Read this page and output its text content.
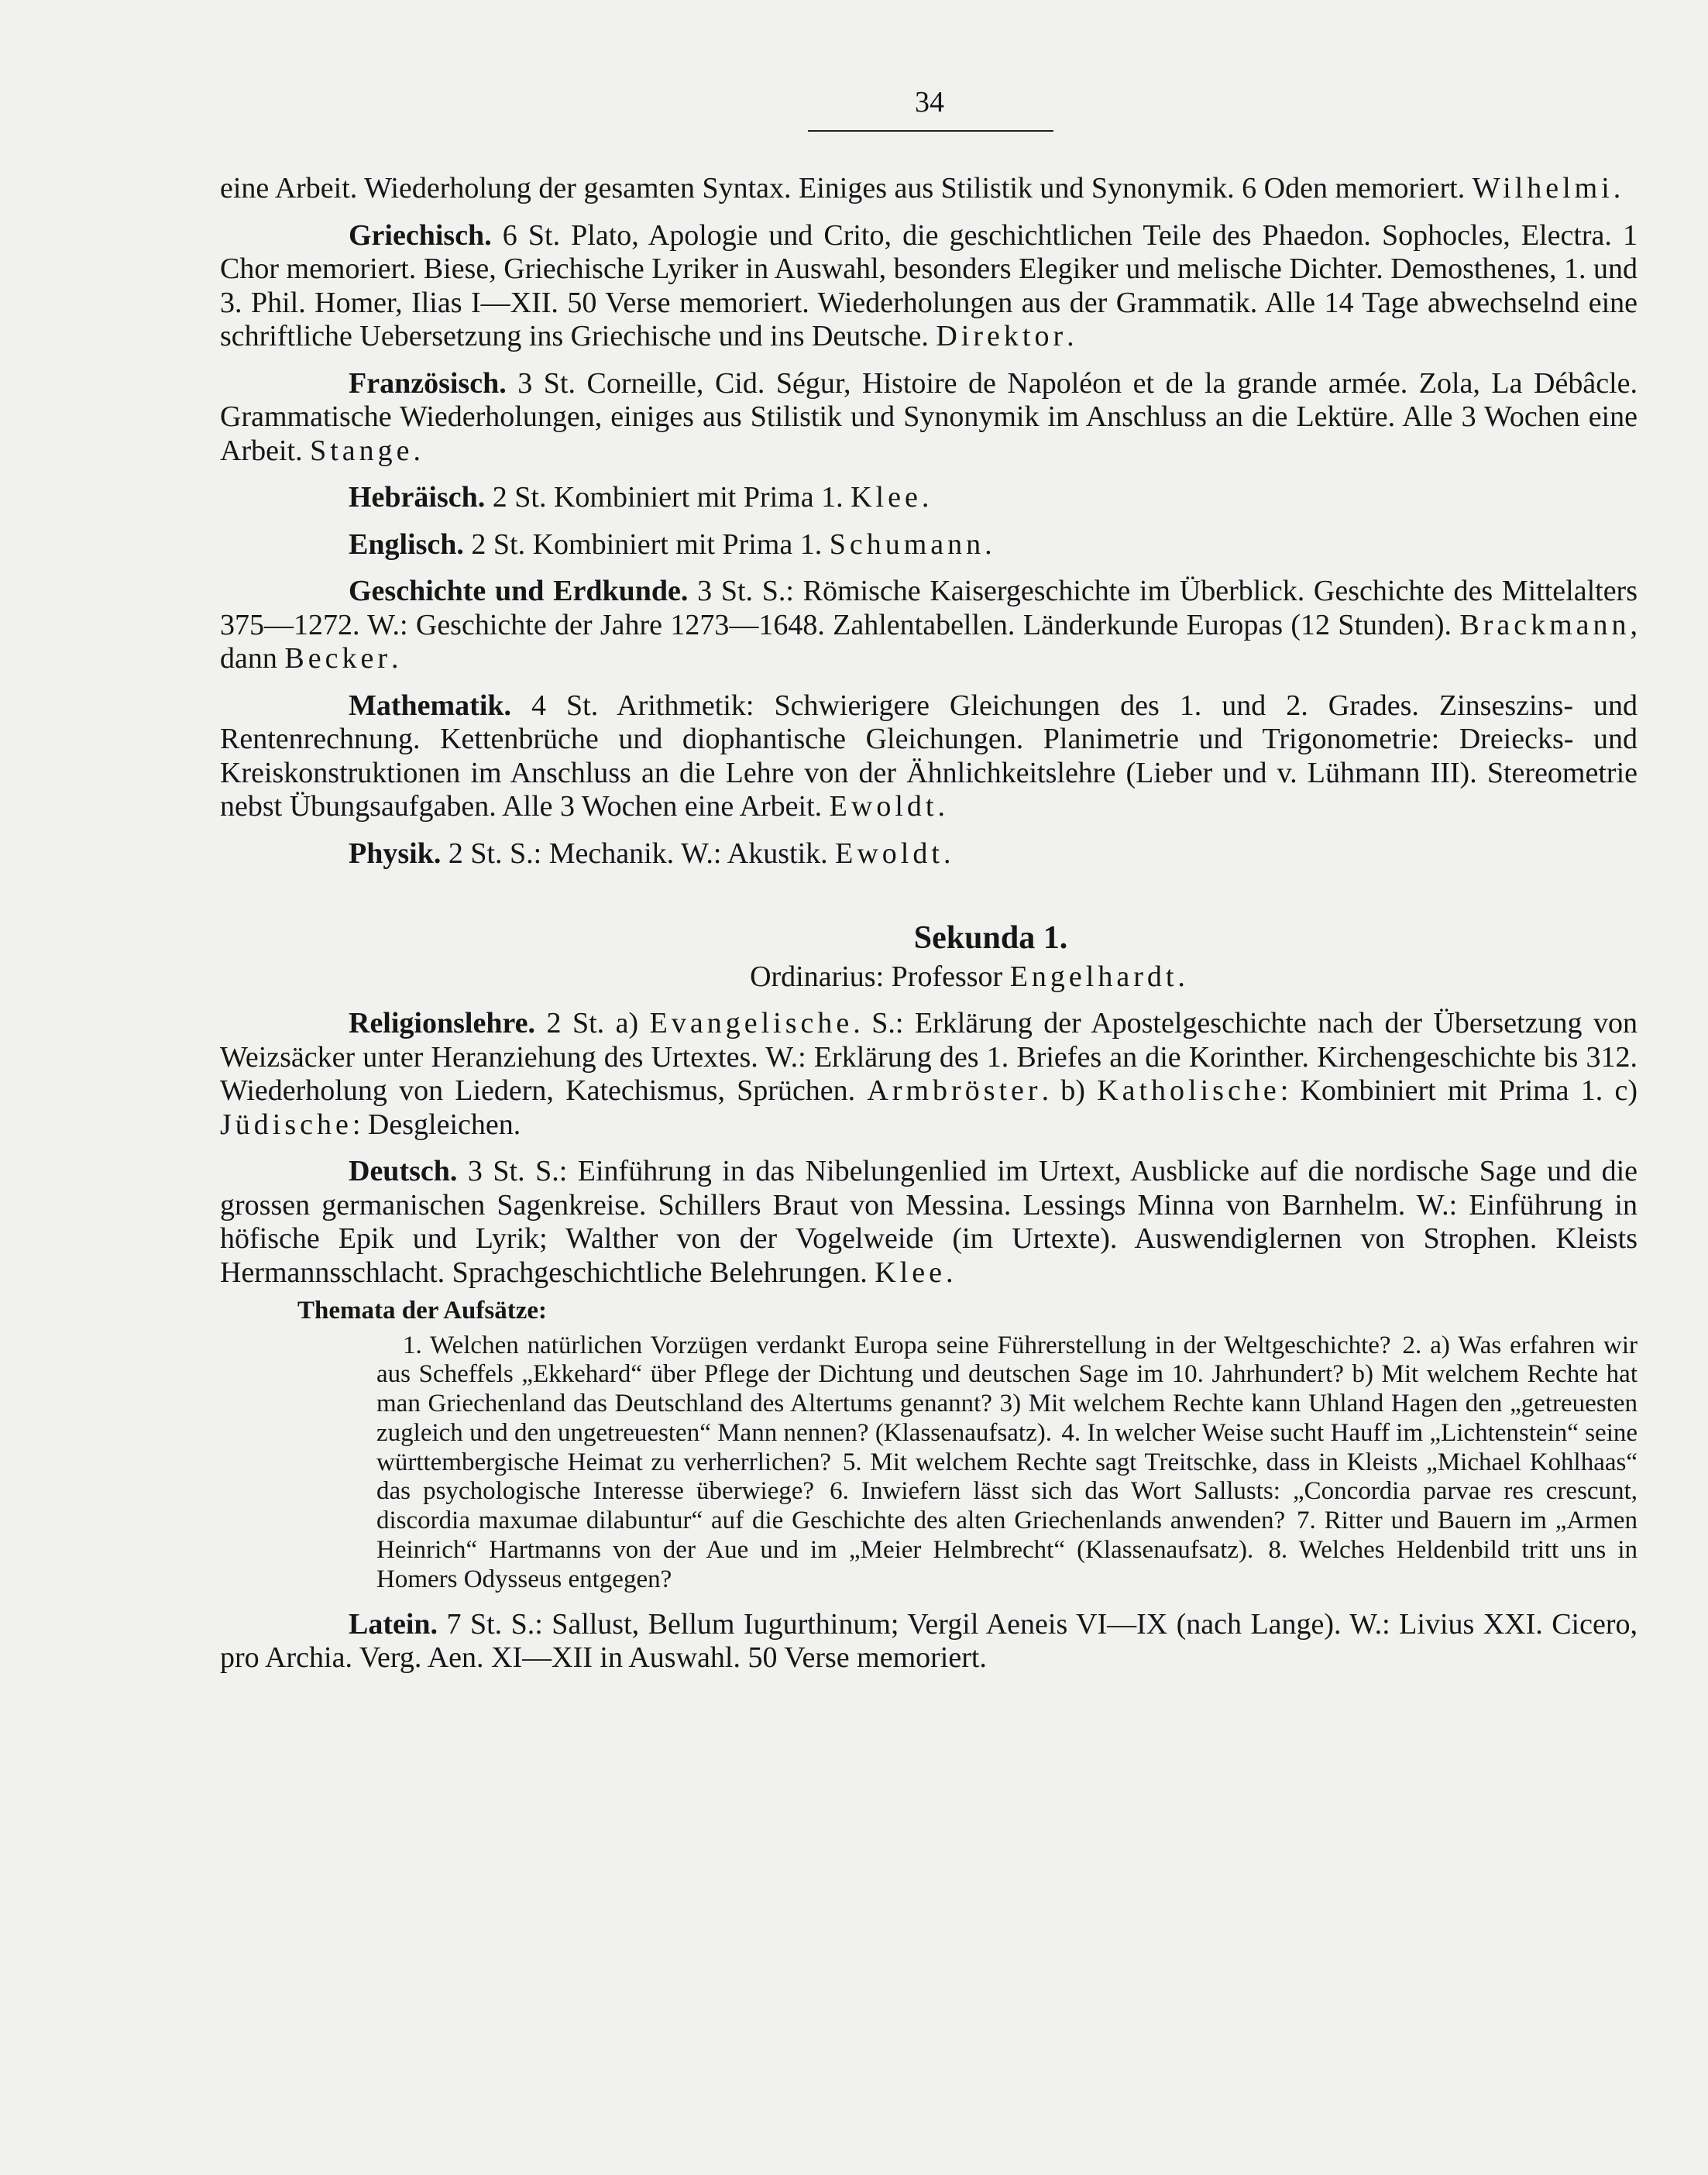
34

eine Arbeit. Wiederholung der gesamten Syntax. Einiges aus Stilistik und Synonymik. 6 Oden memoriert. Wilhelmi.

Griechisch. 6 St. Plato, Apologie und Crito, die geschichtlichen Teile des Phaedon. Sophocles, Electra. 1 Chor memoriert. Biese, Griechische Lyriker in Auswahl, besonders Elegiker und melische Dichter. Demosthenes, 1. und 3. Phil. Homer, Ilias I—XII. 50 Verse memoriert. Wiederholungen aus der Grammatik. Alle 14 Tage abwechselnd eine schriftliche Uebersetzung ins Griechische und ins Deutsche. Direktor.

Französisch. 3 St. Corneille, Cid. Ségur, Histoire de Napoléon et de la grande armée. Zola, La Débâcle. Grammatische Wiederholungen, einiges aus Stilistik und Synonymik im Anschluss an die Lektüre. Alle 3 Wochen eine Arbeit. Stange.

Hebräisch. 2 St. Kombiniert mit Prima 1. Klee.

Englisch. 2 St. Kombiniert mit Prima 1. Schumann.

Geschichte und Erdkunde. 3 St. S.: Römische Kaisergeschichte im Überblick. Geschichte des Mittelalters 375—1272. W.: Geschichte der Jahre 1273—1648. Zahlentabellen. Länderkunde Europas (12 Stunden). Brackmann, dann Becker.

Mathematik. 4 St. Arithmetik: Schwierigere Gleichungen des 1. und 2. Grades. Zinseszins- und Rentenrechnung. Kettenbrüche und diophantische Gleichungen. Planimetrie und Trigonometrie: Dreiecks- und Kreiskonstruktionen im Anschluss an die Lehre von der Ähnlichkeitslehre (Lieber und v. Lühmann III). Stereometrie nebst Übungsaufgaben. Alle 3 Wochen eine Arbeit. Ewoldt.

Physik. 2 St. S.: Mechanik. W.: Akustik. Ewoldt.

Sekunda 1.

Ordinarius: Professor Engelhardt.

Religionslehre. 2 St. a) Evangelische. S.: Erklärung der Apostelgeschichte nach der Übersetzung von Weizsäcker unter Heranziehung des Urtextes. W.: Erklärung des 1. Briefes an die Korinther. Kirchengeschichte bis 312. Wiederholung von Liedern, Katechismus, Sprüchen. Armbröster. b) Katholische: Kombiniert mit Prima 1. c) Jüdische: Desgleichen.

Deutsch. 3 St. S.: Einführung in das Nibelungenlied im Urtext, Ausblicke auf die nordische Sage und die grossen germanischen Sagenkreise. Schillers Braut von Messina. Lessings Minna von Barnhelm. W.: Einführung in höfische Epik und Lyrik; Walther von der Vogelweide (im Urtexte). Auswendiglernen von Strophen. Kleists Hermannsschlacht. Sprachgeschichtliche Belehrungen. Klee.

Themata der Aufsätze:

1. Welchen natürlichen Vorzügen verdankt Europa seine Führerstellung in der Weltgeschichte? 2. a) Was erfahren wir aus Scheffels „Ekkehard“ über Pflege der Dichtung und deutschen Sage im 10. Jahrhundert? b) Mit welchem Rechte hat man Griechenland das Deutschland des Altertums genannt? 3) Mit welchem Rechte kann Uhland Hagen den „getreuesten zugleich und den ungetreuesten“ Mann nennen? (Klassenaufsatz). 4. In welcher Weise sucht Hauff im „Lichtenstein“ seine württembergische Heimat zu verherrlichen? 5. Mit welchem Rechte sagt Treitschke, dass in Kleists „Michael Kohlhaas“ das psychologische Interesse überwiege? 6. Inwiefern lässt sich das Wort Sallusts: „Concordia parvae res crescunt, discordia maxumae dilabuntur“ auf die Geschichte des alten Griechenlands anwenden? 7. Ritter und Bauern im „Armen Heinrich“ Hartmanns von der Aue und im „Meier Helmbrecht“ (Klassenaufsatz). 8. Welches Heldenbild tritt uns in Homers Odysseus entgegen?

Latein. 7 St. S.: Sallust, Bellum Iugurthinum; Vergil Aeneis VI—IX (nach Lange). W.: Livius XXI. Cicero, pro Archia. Verg. Aen. XI—XII in Auswahl. 50 Verse memoriert.
